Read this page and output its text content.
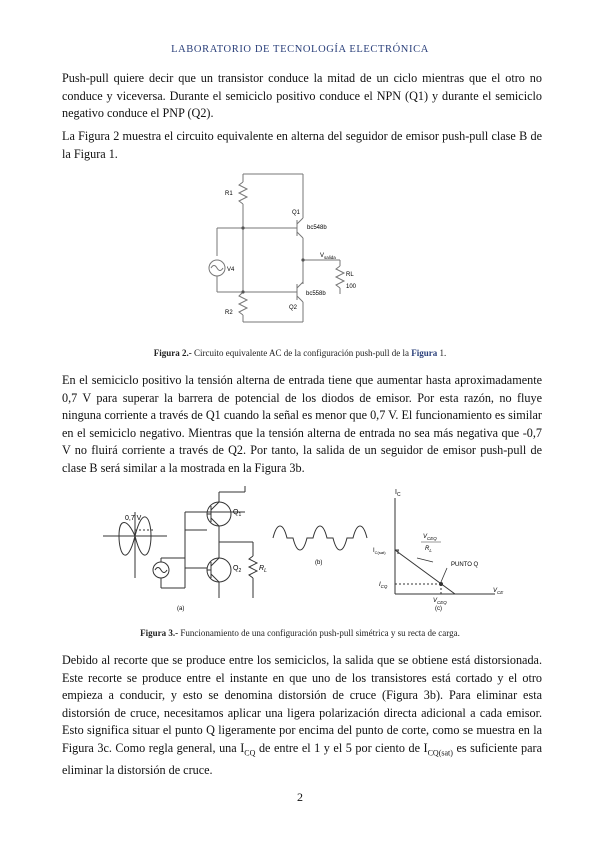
LABORATORIO DE TECNOLOGÍA ELECTRÓNICA

Push-pull quiere decir que un transistor conduce la mitad de un ciclo mientras que el otro no conduce y viceversa. Durante el semiciclo positivo conduce el NPN (Q1) y durante el semiciclo negativo conduce el PNP (Q2).

La Figura 2 muestra el circuito equivalente en alterna del seguidor de emisor push-pull clase B de la Figura 1.

R1
Q1
bc548b
V4
$V_{salida}$
RL
100
bc558b
R2
Q2
Figura 2.- Circuito equivalente AC de la configuración push-pull de la Figura 1.

En el semiciclo positivo la tensión alterna de entrada tiene que aumentar hasta aproximadamente 0,7 V para superar la barrera de potencial de los diodos de emisor. Por esta razón, no fluye ninguna corriente a través de Q1 cuando la señal es menor que 0,7 V. El funcionamiento es similar en el semiciclo negativo. Mientras que la tensión alterna de entrada no sea más negativa que -0,7 V no fluirá corriente a través de Q2. Por tanto, la salida de un seguidor de emisor push-pull de clase B será similar a la mostrada en la Figura 3b.

0,7 V
$Q_1$
$Q_2$	$R_L$
(a)
(b)
(c)
$I_C$
$I_{C(sat)}$
$V_{CEQ}$
$R_L$
PUNTO Q
$I_{CQ}$
$V_{CEQ}$
$V_{CE}$
Figura 3.- Funcionamiento de una configuración push-pull simétrica y su recta de carga.

Debido al recorte que se produce entre los semiciclos, la salida que se obtiene está distorsionada. Este recorte se produce entre el instante en que uno de los transistores está cortado y el otro empieza a conducir, y esto se denomina distorsión de cruce (Figura 3b). Para eliminar esta distorsión de cruce, necesitamos aplicar una ligera polarización directa adicional a cada emisor. Esto significa situar el punto Q ligeramente por encima del punto de corte, como se muestra en la Figura 3c. Como regla general, una $I_{CQ}$ de entre el 1 y el 5 por ciento de $I_{CQ(sat)}$ es suficiente para eliminar la distorsión de cruce.

2
